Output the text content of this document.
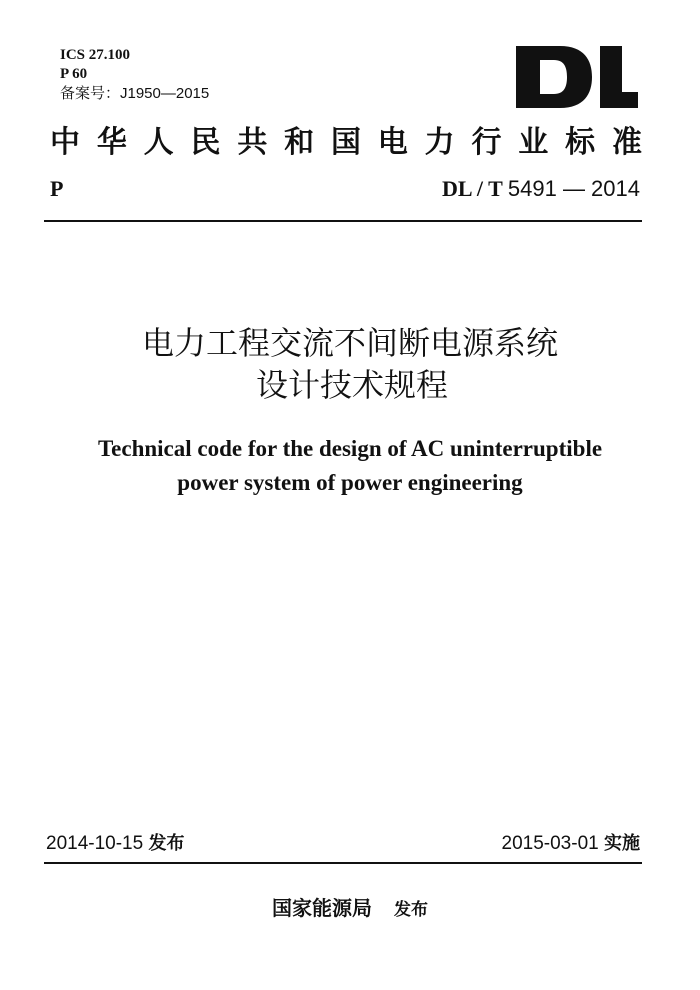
ICS 27.100
P 60
备案号：J1950—2015
中 华 人 民 共 和 国 电 力 行 业 标 准
P	DL / T 5491 — 2014
电力工程交流不间断电源系统
设计技术规程
Technical code for the design of AC uninterruptible
power system of power engineering
2014-10-15 发布	2015-03-01 实施
国家能源局 发布
